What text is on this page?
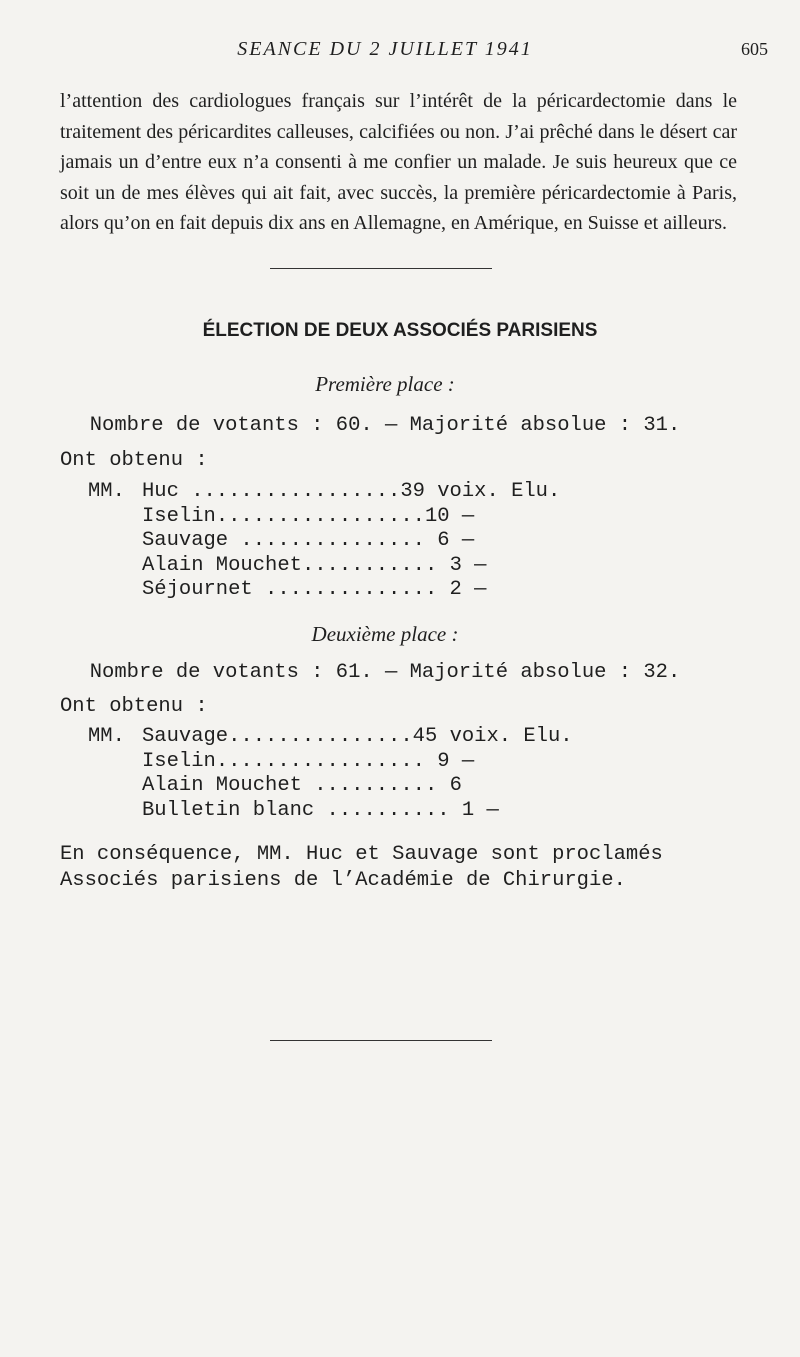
SEANCE DU 2 JUILLET 1941	605

l’attention des cardiologues français sur l’intérêt de la péricardectomie dans le traitement des péricardites calleuses, calcifiées ou non. J’ai prêché dans le désert car jamais un d’entre eux n’a consenti à me confier un malade. Je suis heureux que ce soit un de mes élèves qui ait fait, avec succès, la première péricardectomie à Paris, alors qu’on en fait depuis dix ans en Allemagne, en Amérique, en Suisse et ailleurs.

ÉLECTION DE DEUX ASSOCIÉS PARISIENS

Première place :

Nombre de votants : 60. — Majorité absolue : 31.

Ont obtenu :

MM. Huc .................39 voix. Elu.
Iselin.................10 —
Sauvage ............... 6 —
Alain Mouchet........... 3 —
Séjournet .............. 2 —

Deuxième place :

Nombre de votants : 61. — Majorité absolue : 32.

Ont obtenu :

MM. Sauvage...............45 voix. Elu.
Iselin................. 9 —
Alain Mouchet .......... 6
Bulletin blanc .......... 1 —

En conséquence, MM. Huc et Sauvage sont proclamés Associés parisiens de l’Académie de Chirurgie.
